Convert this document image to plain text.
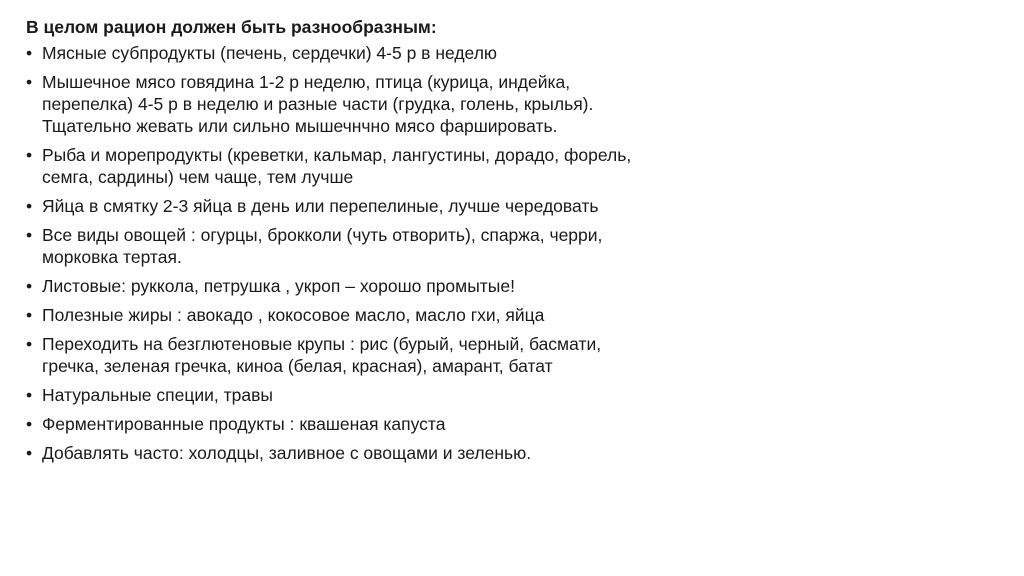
В целом рацион должен быть разнообразным:
• Мясные субпродукты (печень, сердечки) 4-5 р в неделю
• Мышечное мясо говядина 1-2 р неделю, птица (курица, индейка,
перепелка) 4-5 р в неделю и разные части (грудка, голень, крылья).
Тщательно жевать или сильно мышечнчно мясо фаршировать.
• Рыба и морепродукты (креветки, кальмар, лангустины, дорадо, форель,
семга, сардины) чем чаще, тем лучше
• Яйца в смятку 2-3 яйца в день или перепелиные, лучше чередовать
• Все виды овощей : огурцы, брокколи (чуть отворить), спаржа, черри,
морковка тертая.
• Листовые: руккола, петрушка , укроп – хорошо промытые!
• Полезные жиры : авокадо , кокосовое масло, масло гхи, яйца
• Переходить на безглютеновые крупы : рис (бурый, черный, басмати,
гречка, зеленая гречка, киноа (белая, красная), амарант, батат
• Натуральные специи, травы
• Ферментированные продукты : квашеная капуста
• Добавлять часто: холодцы, заливное с овощами и зеленью.
